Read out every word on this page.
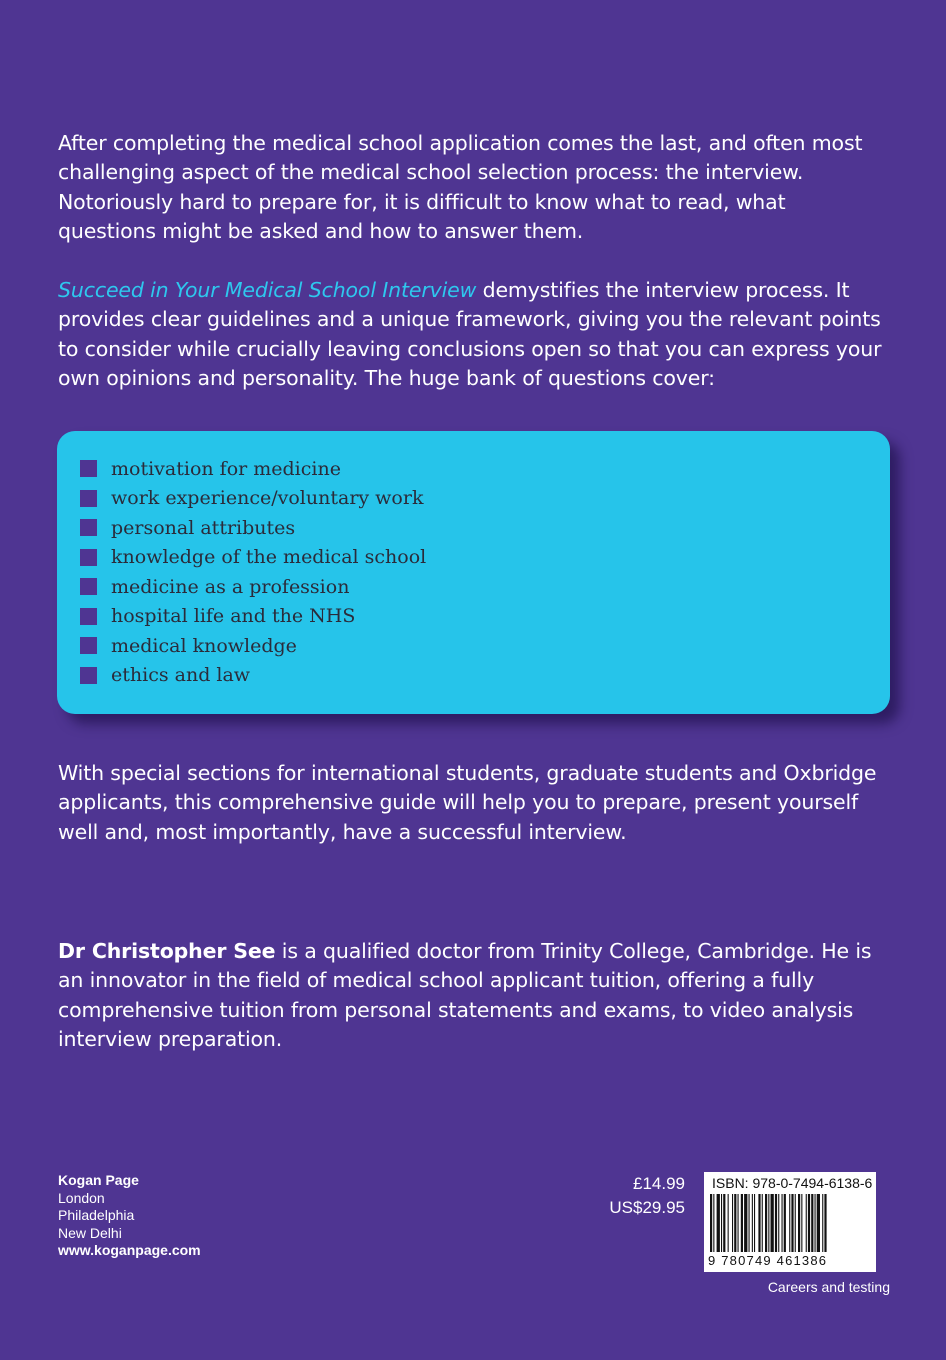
After completing the medical school application comes the last, and often most challenging aspect of the medical school selection process: the interview. Notoriously hard to prepare for, it is difficult to know what to read, what questions might be asked and how to answer them.

Succeed in Your Medical School Interview demystifies the interview process. It provides clear guidelines and a unique framework, giving you the relevant points to consider while crucially leaving conclusions open so that you can express your own opinions and personality. The huge bank of questions cover:

motivation for medicine
work experience/voluntary work
personal attributes
knowledge of the medical school
medicine as a profession
hospital life and the NHS
medical knowledge
ethics and law

With special sections for international students, graduate students and Oxbridge applicants, this comprehensive guide will help you to prepare, present yourself well and, most importantly, have a successful interview.

Dr Christopher See is a qualified doctor from Trinity College, Cambridge. He is an innovator in the field of medical school applicant tuition, offering a fully comprehensive tuition from personal statements and exams, to video analysis interview preparation.

Kogan Page
London
Philadelphia
New Delhi
www.koganpage.com
£14.99
US$29.95
ISBN: 978-0-7494-6138-6
9 780749 461386
Careers and testing
